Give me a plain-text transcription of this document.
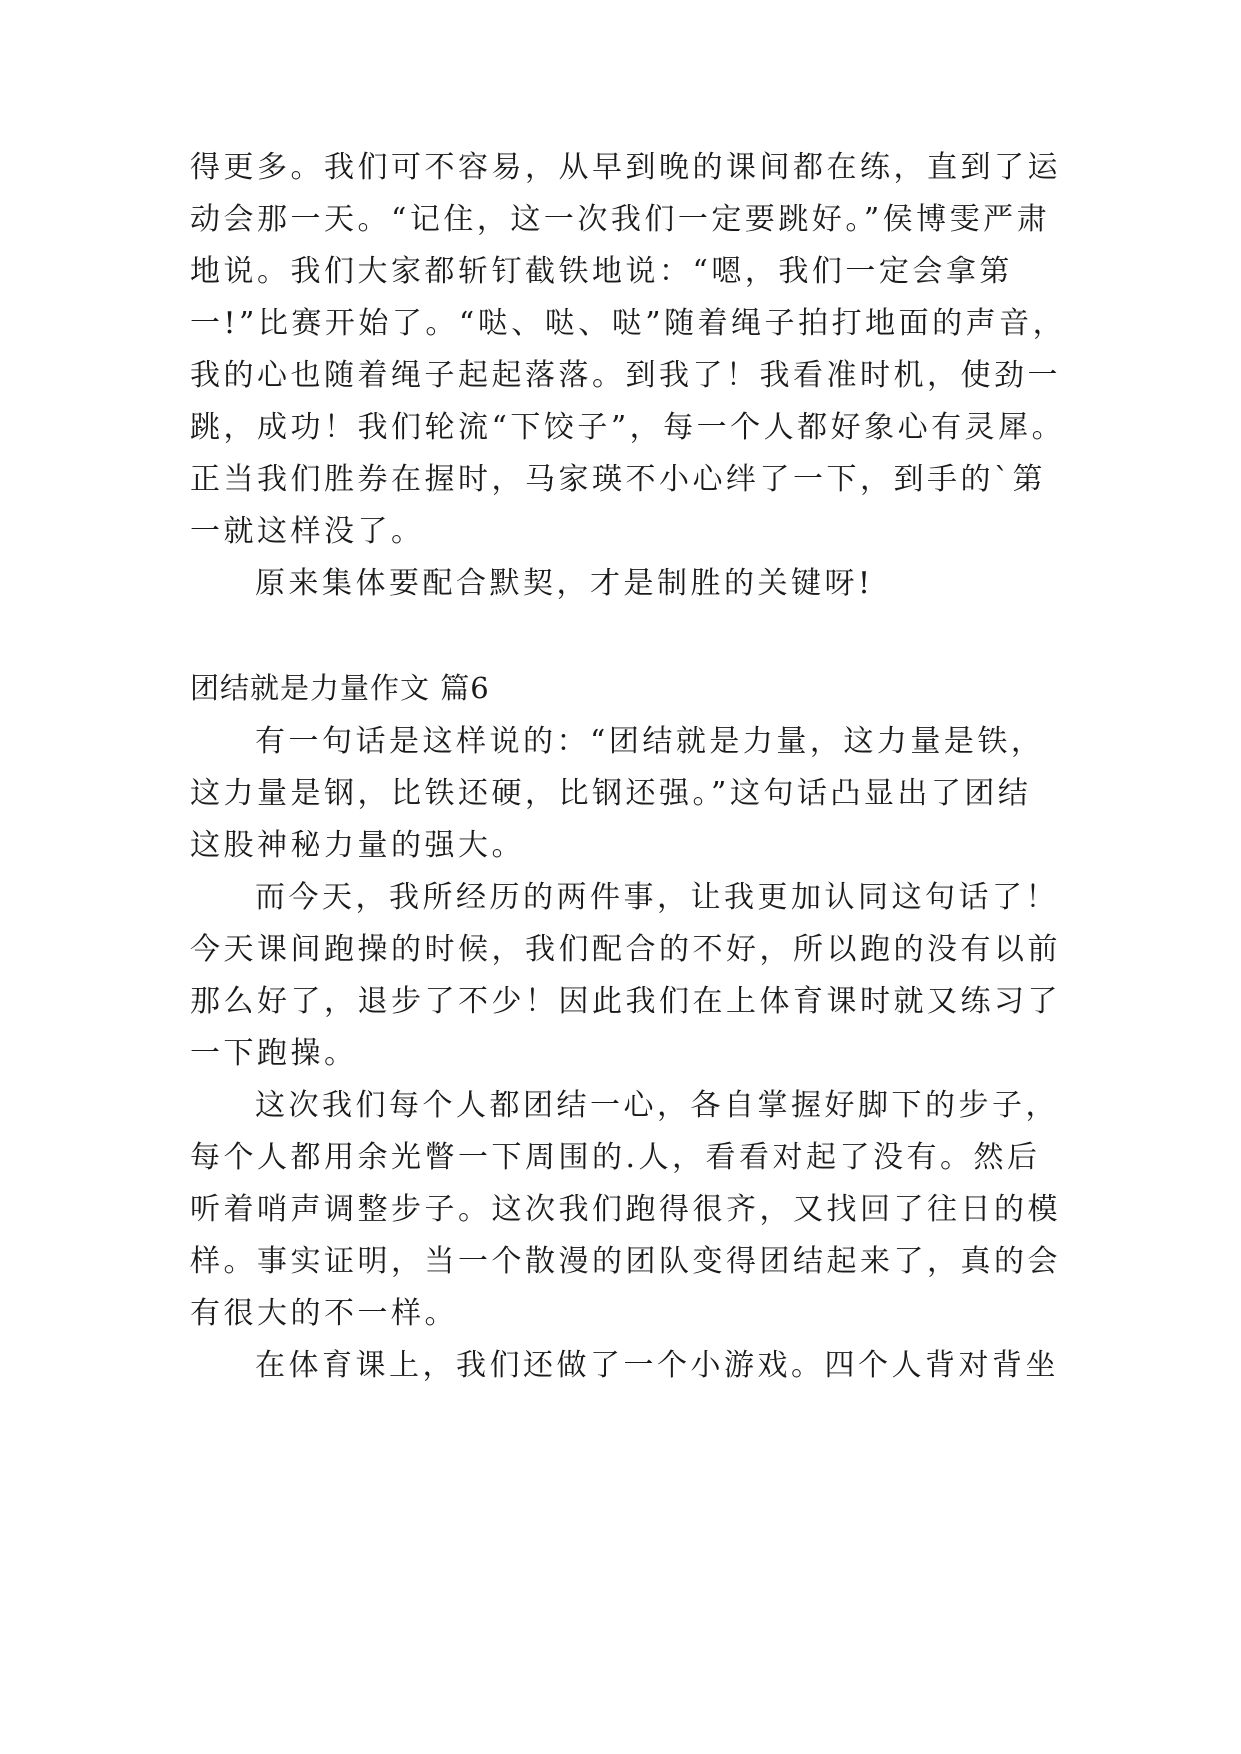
得更多。我们可不容易，从早到晚的课间都在练，直到了运
动会那一天。“记住，这一次我们一定要跳好。”侯博雯严肃
地说。我们大家都斩钉截铁地说：“嗯，我们一定会拿第
一!”比赛开始了。“哒、哒、哒”随着绳子拍打地面的声音，
我的心也随着绳子起起落落。到我了！我看准时机，使劲一
跳，成功！我们轮流“下饺子”，每一个人都好象心有灵犀。
正当我们胜券在握时，马家瑛不小心绊了一下，到手的`第
一就这样没了。
原来集体要配合默契，才是制胜的关键呀!
团结就是力量作文 篇6
有一句话是这样说的：“团结就是力量，这力量是铁，
这力量是钢，比铁还硬，比钢还强。”这句话凸显出了团结
这股神秘力量的强大。
而今天，我所经历的两件事，让我更加认同这句话了！
今天课间跑操的时候，我们配合的不好，所以跑的没有以前
那么好了，退步了不少！因此我们在上体育课时就又练习了
一下跑操。
这次我们每个人都团结一心，各自掌握好脚下的步子，
每个人都用余光瞥一下周围的.人，看看对起了没有。然后
听着哨声调整步子。这次我们跑得很齐，又找回了往日的模
样。事实证明，当一个散漫的团队变得团结起来了，真的会
有很大的不一样。
在体育课上，我们还做了一个小游戏。四个人背对背坐
